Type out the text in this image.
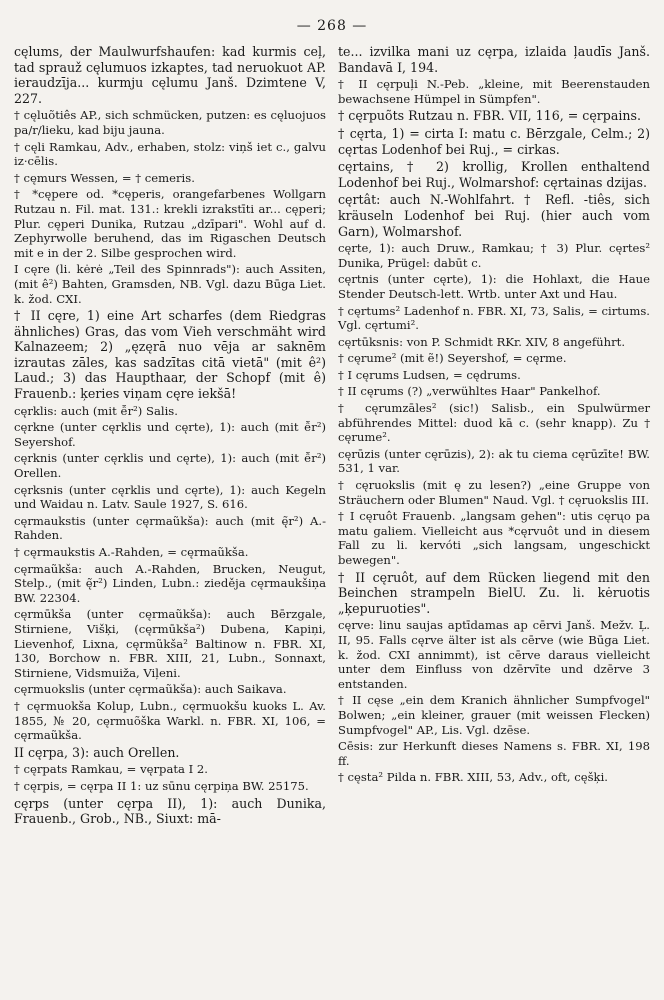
— 268 —

cęlums, der Maulwurfshaufen: kad kurmis ceļ, tad sprauž cęlumuos izkaptes, tad neruokuot AP. ieraudzīja... kurmju cęlumu Janš. Dzimtene V, 227.

† cęluõtiês AP., sich schmücken, putzen: es cęluojuos pa/r/lieku, kad biju jauna.

† cęli Ramkau, Adv., erhaben, stolz: viņš iet c., galvu iz·cēlis.

† cęmurs Wessen, = † cemeris.

† *cępere od. *cęperis, orangefarbenes Wollgarn Rutzau n. Fil. mat. 131.: krekli izrakstīti ar... cęperi; Plur. cęperi Dunika, Rutzau „dzīpari". Wohl auf d. Zephyrwolle beruhend, das im Rigaschen Deutsch mit e in der 2. Silbe gesprochen wird.

I cęre (li. kėrė „Teil des Spinnrads"): auch Assiten, (mit ê²) Bahten, Gramsden, NB. Vgl. dazu Būga Liet. k. žod. CXI.

† II cęre, 1) eine Art scharfes (dem Riedgras ähnliches) Gras, das vom Vieh verschmäht wird Kalnazeem; 2) „ęzęrā nuo vēja ar saknēm izrautas zāles, kas sadzītas citā vietā" (mit ê²) Laud.; 3) das Haupthaar, der Schopf (mit ê) Frauenb.: ķeries viņam cęre iekšā!

cęrklis: auch (mit ễr²) Salis.

cęrkne (unter cęrklis und cęrte), 1): auch (mit ễr²) Seyershof.

cęrknis (unter cęrklis und cęrte), 1): auch (mit ễr²) Orellen.

cęrksnis (unter cęrklis und cęrte), 1): auch Kegeln und Waidau n. Latv. Saule 1927, S. 616.

cęrmaukstis (unter cęrmaũkša): auch (mit ę̃r²) A.-Rahden.

† cęrmaukstis A.-Rahden, = cęrmaũkša.

cęrmaũkša: auch A.-Rahden, Brucken, Neugut, Stelp., (mit ę̃r²) Linden, Lubn.: zieděja cęrmaukšiņa BW. 22304.

cęrmūkša (unter cęrmaũkša): auch Bērzgale, Stirniene, Višķi, (cęrmūkša²) Dubena, Kapiņi, Lievenhof, Lixna, cęrmũkša² Baltinow n. FBR. XI, 130, Borchow n. FBR. XIII, 21, Lubn., Sonnaxt, Stirniene, Vidsmuiža, Viļeni.

cęrmuokslis (unter cęrmaũkša): auch Saikava.

† cęrmuokša Kolup, Lubn., cęrmuokšu kuoks L. Av. 1855, № 20, cęrmuõška Warkl. n. FBR. XI, 106, = cęrmaũkša.

II cęrpa, 3): auch Orellen.

† cęrpats Ramkau, = vęrpata I 2.

† cęrpis, = cęrpa II 1: uz sūnu cęrpiņa BW. 25175.

cęrps (unter cęrpa II), 1): auch Dunika, Frauenb., Grob., NB., Siuxt: mā-

te... izvilka mani uz cęrpa, izlaida ļaudīs Janš. Bandavā I, 194.

† II cęrpuļi N.-Peb. „kleine, mit Beerenstauden bewachsene Hümpel in Sümpfen".

† cęrpuõts Rutzau n. FBR. VII, 116, = cęrpains.

† cęrta, 1) = cirta I: matu c. Bērzgale, Celm.; 2) cęrtas Lodenhof bei Ruj., = cirkas.

cęrtains, † 2) krollig, Krollen enthaltend Lodenhof bei Ruj., Wolmarshof: cęrtainas dzijas.

cęrtât: auch N.-Wohlfahrt. † Refl. -tiês, sich kräuseln Lodenhof bei Ruj. (hier auch vom Garn), Wolmarshof.

cęrte, 1): auch Druw., Ramkau; † 3) Plur. cęrtes² Dunika, Prügel: dabūt c.

cęrtnis (unter cęrte), 1): die Hohlaxt, die Haue Stender Deutsch-lett. Wrtb. unter Axt und Hau.

† cęrtums² Ladenhof n. FBR. XI, 73, Salis, = cirtums. Vgl. cęrtumi².

cęrtūksnis: von P. Schmidt RKr. XIV, 8 angeführt.

† cęrume² (mit ẽ!) Seyershof, = cęrme.

† I cęrums Ludsen, = cędrums.

† II cęrums (?) „verwühltes Haar" Pankelhof.

† cęrumzāles² (sic!) Salisb., ein Spulwürmer abführendes Mittel: duod kā c. (sehr knapp). Zu † cęrume².

cęrūzis (unter cęrūzis), 2): ak tu ciema cęrūzīte! BW. 531, 1 var.

† cęruokslis (mit ę zu lesen?) „eine Gruppe von Sträuchern oder Blumen" Naud. Vgl. † cęruokslis III.

† I cęruôt Frauenb. „langsam gehen": utis cęrųo pa matu galiem. Vielleicht aus *cęrvuôt und in diesem Fall zu li. kervóti „sich langsam, ungeschickt bewegen".

† II cęruôt, auf dem Rücken liegend mit den Beinchen strampeln BielU. Zu. li. kėruotis „ķepuruoties".

cęrve: linu saujas aptīdamas ap cērvi Janš. Mežv. Ļ. II, 95. Falls cęrve älter ist als cērve (wie Būga Liet. k. žod. CXI annimmt), ist cērve daraus vielleicht unter dem Einfluss von dzērvīte und dzērve 3 entstanden.

† II cęse „ein dem Kranich ähnlicher Sumpfvogel" Bolwen; „ein kleiner, grauer (mit weissen Flecken) Sumpfvogel" AP., Lis. Vgl. dzēse.

Cēsis: zur Herkunft dieses Namens s. FBR. XI, 198 ff.

† cęsta² Pilda n. FBR. XIII, 53, Adv., oft, cęšķi.
